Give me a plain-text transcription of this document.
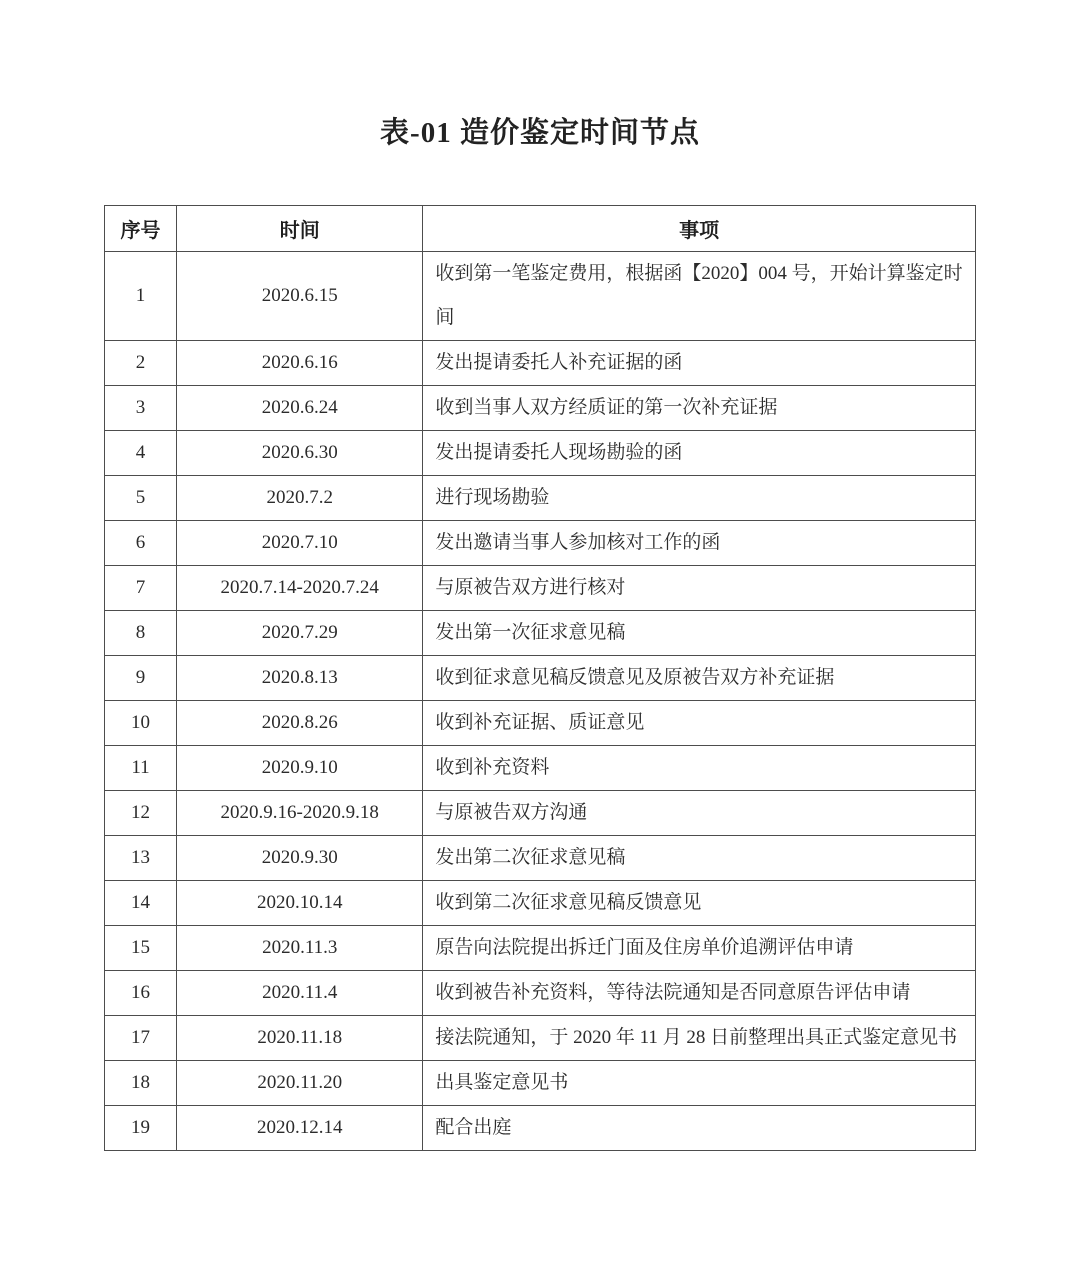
表-01 造价鉴定时间节点
序号	时间	事项
1	2020.6.15	收到第一笔鉴定费用，根据函【2020】004 号，开始计算鉴定时间
2	2020.6.16	发出提请委托人补充证据的函
3	2020.6.24	收到当事人双方经质证的第一次补充证据
4	2020.6.30	发出提请委托人现场勘验的函
5	2020.7.2	进行现场勘验
6	2020.7.10	发出邀请当事人参加核对工作的函
7	2020.7.14-2020.7.24	与原被告双方进行核对
8	2020.7.29	发出第一次征求意见稿
9	2020.8.13	收到征求意见稿反馈意见及原被告双方补充证据
10	2020.8.26	收到补充证据、质证意见
11	2020.9.10	收到补充资料
12	2020.9.16-2020.9.18	与原被告双方沟通
13	2020.9.30	发出第二次征求意见稿
14	2020.10.14	收到第二次征求意见稿反馈意见
15	2020.11.3	原告向法院提出拆迁门面及住房单价追溯评估申请
16	2020.11.4	收到被告补充资料，等待法院通知是否同意原告评估申请
17	2020.11.18	接法院通知，于 2020 年 11 月 28 日前整理出具正式鉴定意见书
18	2020.11.20	出具鉴定意见书
19	2020.12.14	配合出庭
